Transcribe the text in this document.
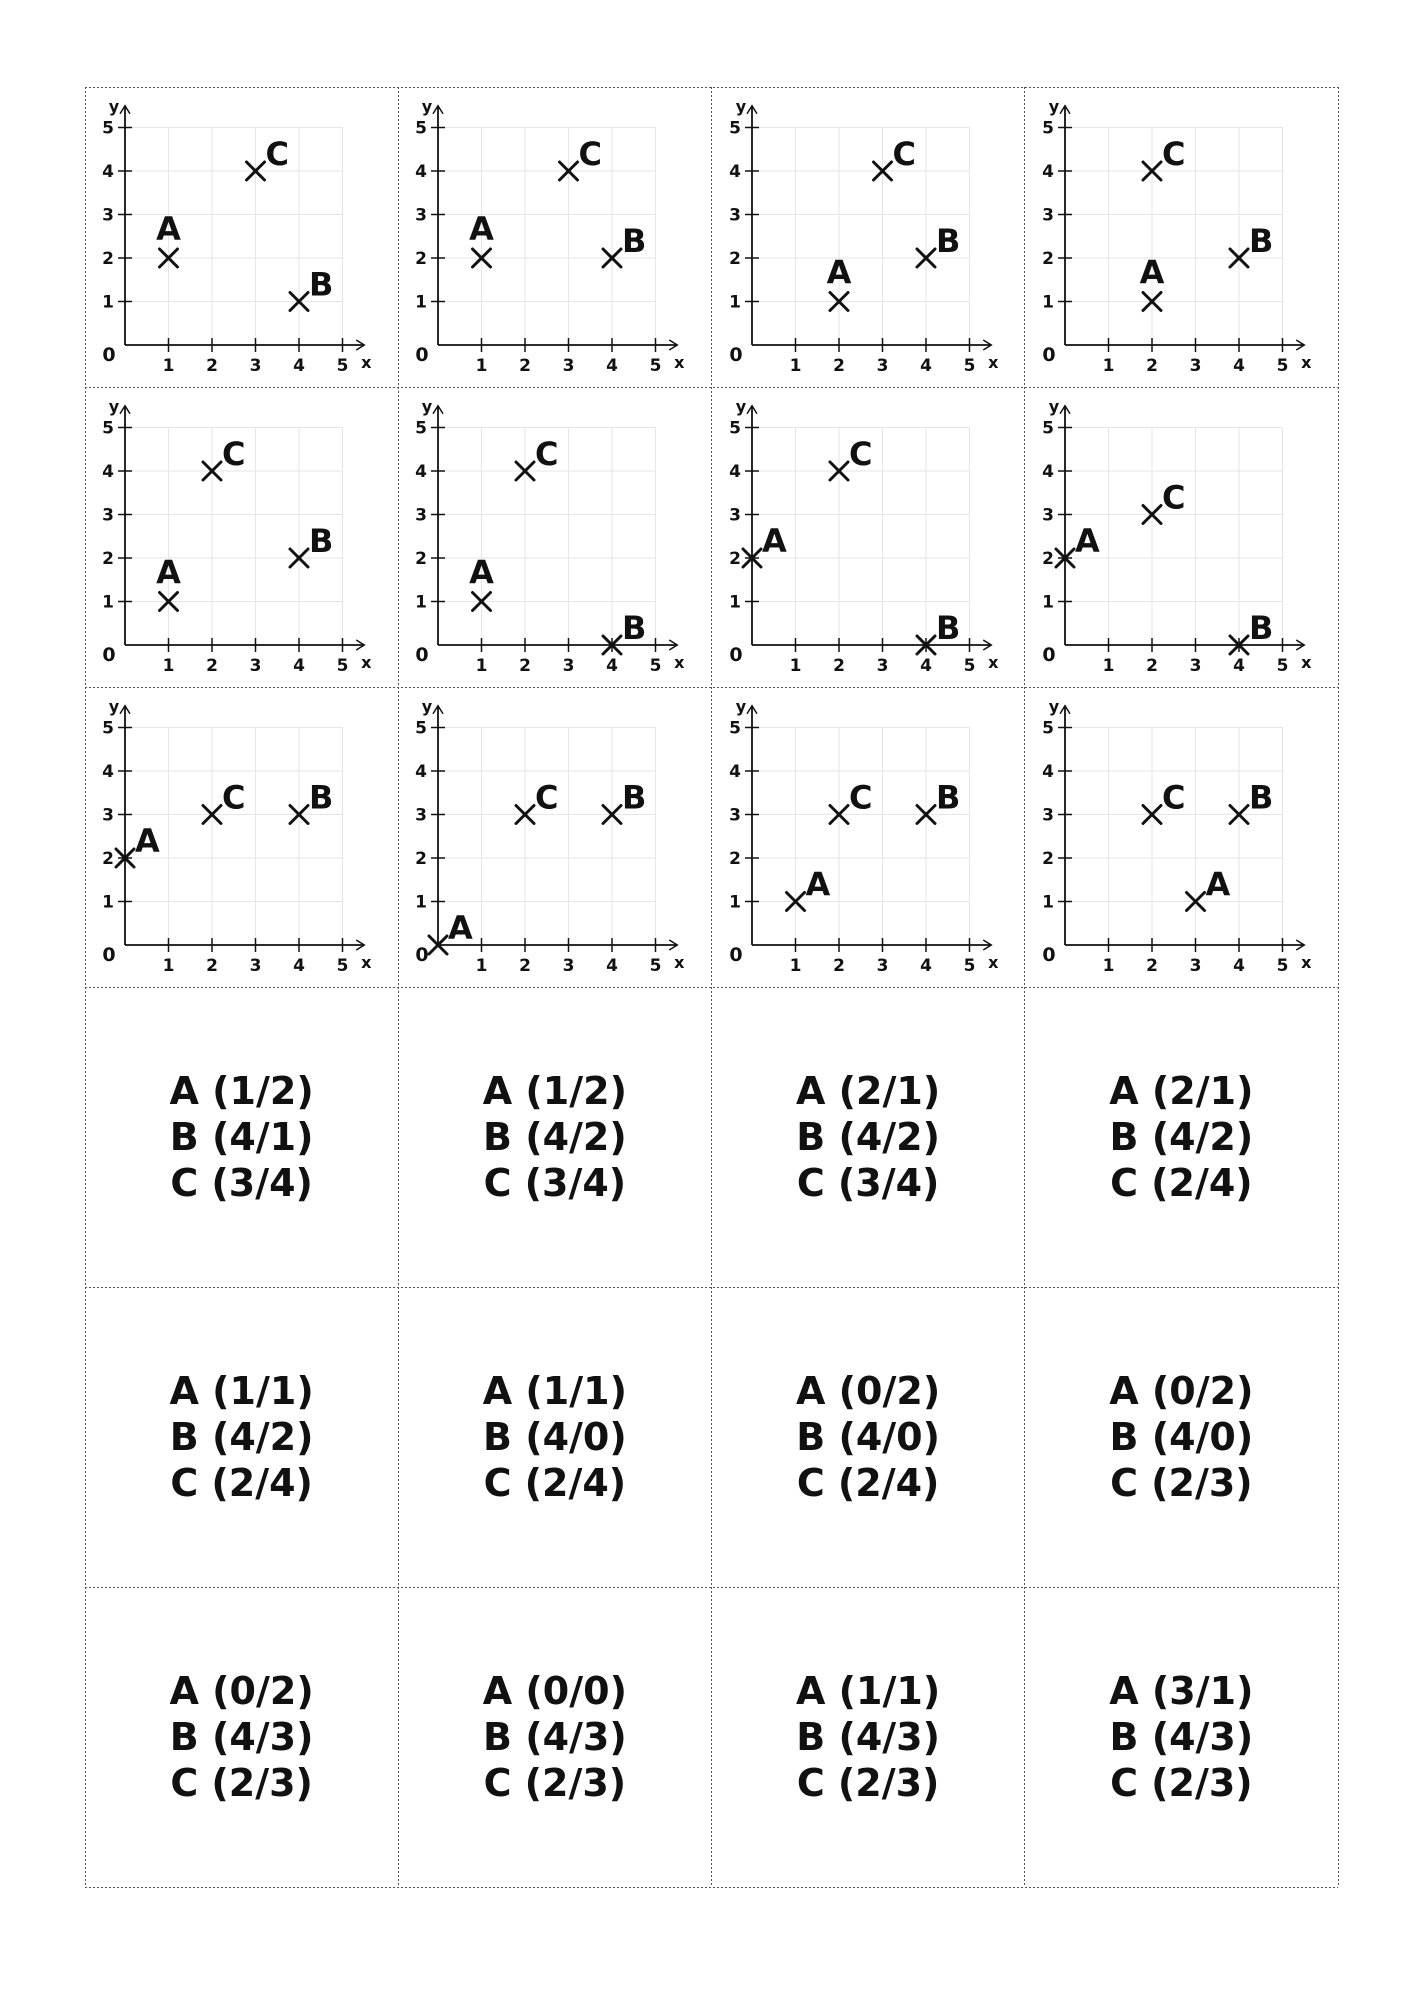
1 2 3 4 5
1
2
3
4
5
0	x
y
A
B
C
1 2 3 4 5
1
2
3
4
5
0	x
y
A	B
C
1 2 3 4 5
1
2
3
4
5
0	x
y
A
B
C
1 2 3 4 5
1
2
3
4
5
0	x
y
A
B
C
1 2 3 4 5
1
2
3
4
5
0	x
y
A
B
C
1 2 3 4 5
1
2
3
4
5
0	x
y
A
B
C
1 2 3 4 5
1
2
3
4
5
0	x
y
A
B
C
1 2 3 4 5
1
2
3
4
5
0	x
y
A
B
C
1 2 3 4 5
1
2
3
4
5
0	x
y
A
B
C
1 2 3 4 5
1
2
3
4
5
0	x
y
A
B
C
1 2 3 4 5
1
2
3
4
5
0	x
y
A
B
C
1 2 3 4 5
1
2
3
4
5
0	x
y
A
B
C
A (1/2)
B (4/1)
C (3/4)
A (1/2)
B (4/2)
C (3/4)
A (2/1)
B (4/2)
C (3/4)
A (2/1)
B (4/2)
C (2/4)
A (1/1)
B (4/2)
C (2/4)
A (1/1)
B (4/0)
C (2/4)
A (0/2)
B (4/0)
C (2/4)
A (0/2)
B (4/0)
C (2/3)
A (0/2)
B (4/3)
C (2/3)
A (0/0)
B (4/3)
C (2/3)
A (1/1)
B (4/3)
C (2/3)
A (3/1)
B (4/3)
C (2/3)
